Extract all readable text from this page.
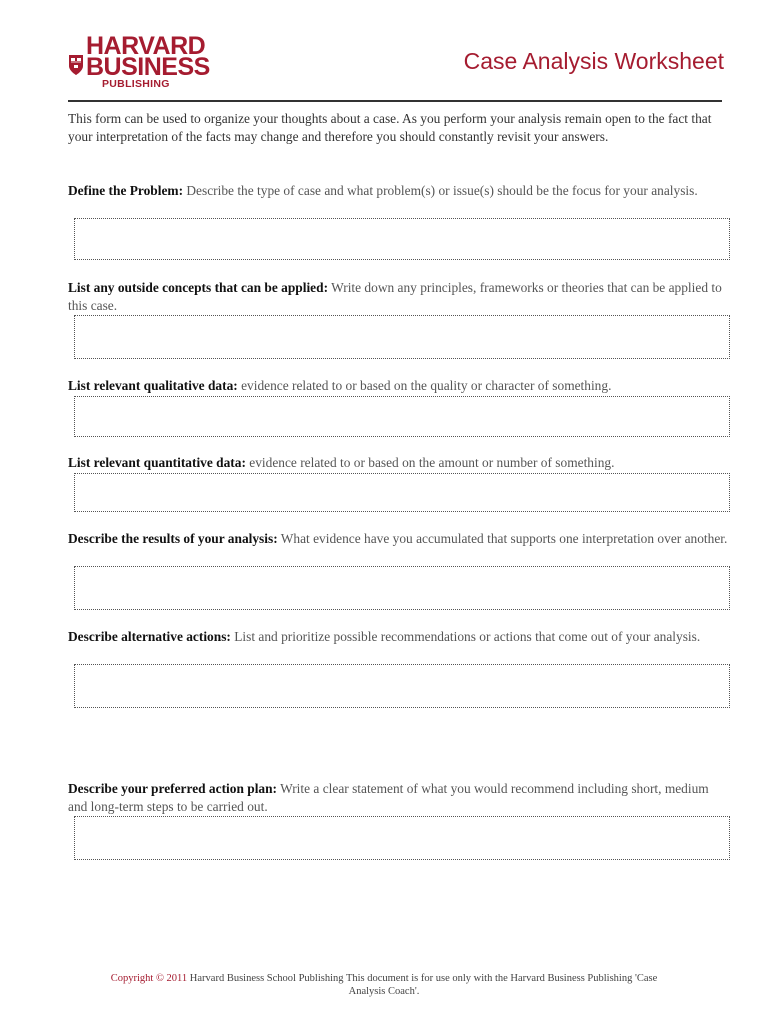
HARVARD
BUSINESS
PUBLISHING
Case Analysis Worksheet
This form can be used to organize your thoughts about a case. As you perform your analysis remain open to the fact that your interpretation of the facts may change and therefore you should constantly revisit your answers.

Define the Problem: Describe the type of case and what problem(s) or issue(s) should be the focus for your analysis.

List any outside concepts that can be applied: Write down any principles, frameworks or theories that can be applied to this case.

List relevant qualitative data: evidence related to or based on the quality or character of something.

List relevant quantitative data: evidence related to or based on the amount or number of something.

Describe the results of your analysis: What evidence have you accumulated that supports one interpretation over another.

Describe alternative actions: List and prioritize possible recommendations or actions that come out of your analysis.

Describe your preferred action plan: Write a clear statement of what you would recommend including short, medium and long-term steps to be carried out.

Copyright © 2011 Harvard Business School Publishing This document is for use only with the Harvard Business Publishing 'Case Analysis Coach'.
